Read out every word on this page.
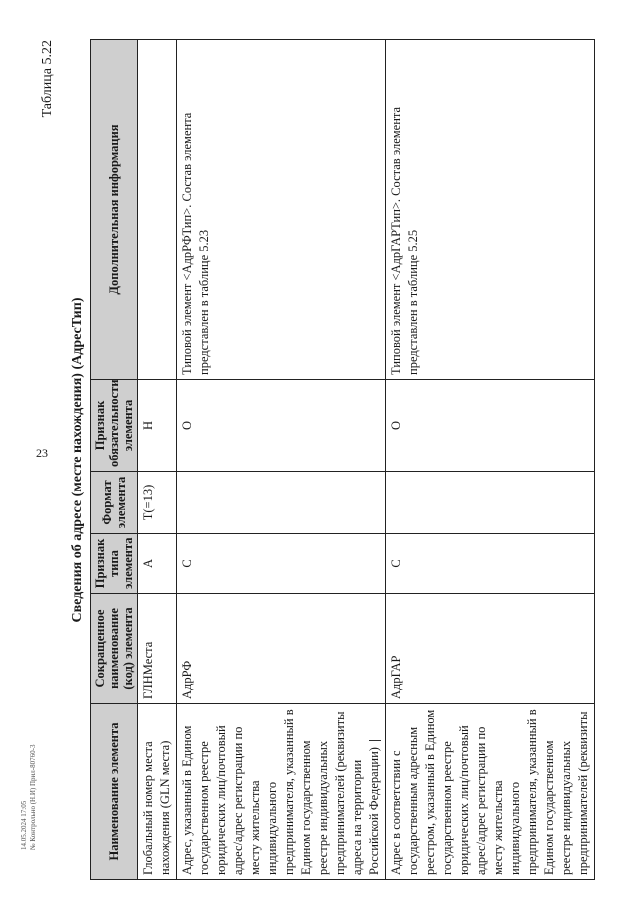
23
14.05.2024 17:05 № Контрольно (Н.И) Прил-80760-3
Таблица 5.22
Сведения об адресе (месте нахождения) (АдресТип)
Наименование элемента	Сокращенное наименование (код) элемента	Признак типа элемента	Формат элемента	Признак обязательности элемента	Дополнительная информация
Глобальный номер места нахождения (GLN места)	ГЛНМеста	А	T(=13)	Н	
Адрес, указанный в Едином государственном реестре юридических лиц/почтовый адрес/адрес регистрации по месту жительства индивидуального предпринимателя, указанный в Едином государственном реестре индивидуальных предпринимателей (реквизиты адреса на территории Российской Федерации)	АдрРФ	С		О	Типовой элемент <АдрРФТип>. Состав элемента представлен в таблице 5.23
Адрес в соответствии с государственным адресным реестром, указанный в Едином государственном реестре юридических лиц/почтовый адрес/адрес регистрации по месту жительства индивидуального предпринимателя, указанный в Едином государственном реестре индивидуальных предпринимателей (реквизиты	АдрГАР	С		О	Типовой элемент <АдрГАРТип>. Состав элемента представлен в таблице 5.25
